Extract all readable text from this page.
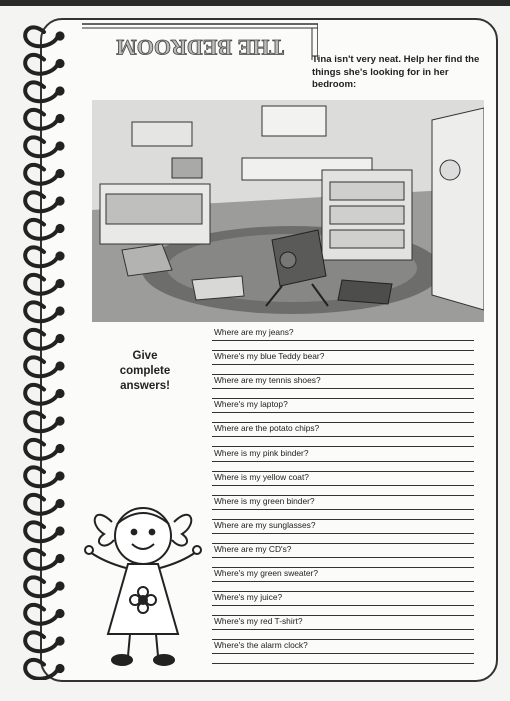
THE BEDROOM	Tina isn't very neat. Help her find the things she's looking for in her bedroom:
Give
complete
answers!
Where are my jeans?
Where's my blue Teddy bear?
Where are my tennis shoes?
Where's my laptop?
Where are the potato chips?
Where is my pink binder?
Where is my yellow coat?
Where is my green binder?
Where are my sunglasses?
Where are my CD's?
Where's my green sweater?
Where's my juice?
Where's my red T-shirt?
Where's the alarm clock?
